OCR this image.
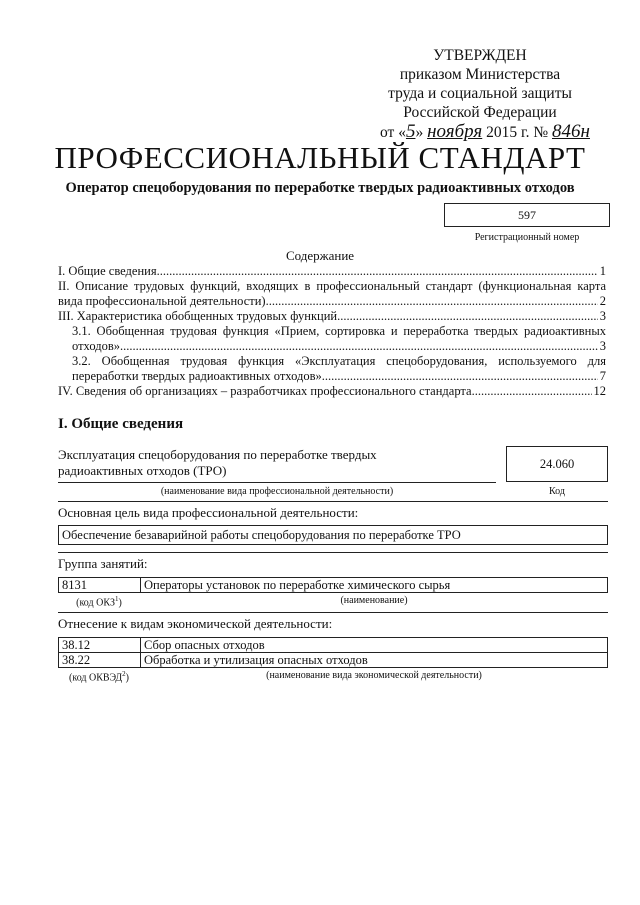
УТВЕРЖДЕН
приказом Министерства
труда и социальной защиты
Российской Федерации
от «5» ноября 2015 г. № 846н
ПРОФЕССИОНАЛЬНЫЙ СТАНДАРТ
Оператор спецоборудования по переработке твердых радиоактивных отходов
597
Регистрационный номер
Содержание
I. Общие сведения .....	1
II. Описание трудовых функций, входящих в профессиональный стандарт (функциональная карта
вида профессиональной деятельности) .....	2
III. Характеристика обобщенных трудовых функций .....	3
3.1. Обобщенная трудовая функция «Прием, сортировка и переработка твердых радиоактивных
отходов» .....	3
3.2. Обобщенная трудовая функция «Эксплуатация спецоборудования, используемого для
переработки твердых радиоактивных отходов» .....	7
IV. Сведения об организациях – разработчиках профессионального стандарта .....	12
I. Общие сведения
Эксплуатация спецоборудования по переработке твердых
радиоактивных отходов (ТРО)	24.060
(наименование вида профессиональной деятельности)	Код
Основная цель вида профессиональной деятельности:
Обеспечение безаварийной работы спецоборудования по переработке ТРО
Группа занятий:
8131	Операторы установок по переработке химического сырья
(код ОКЗ$^1$)	(наименование)
Отнесение к видам экономической деятельности:
38.12	Сбор опасных отходов
38.22	Обработка и утилизация опасных отходов
(код ОКВЭД$^2$)	(наименование вида экономической деятельности)
